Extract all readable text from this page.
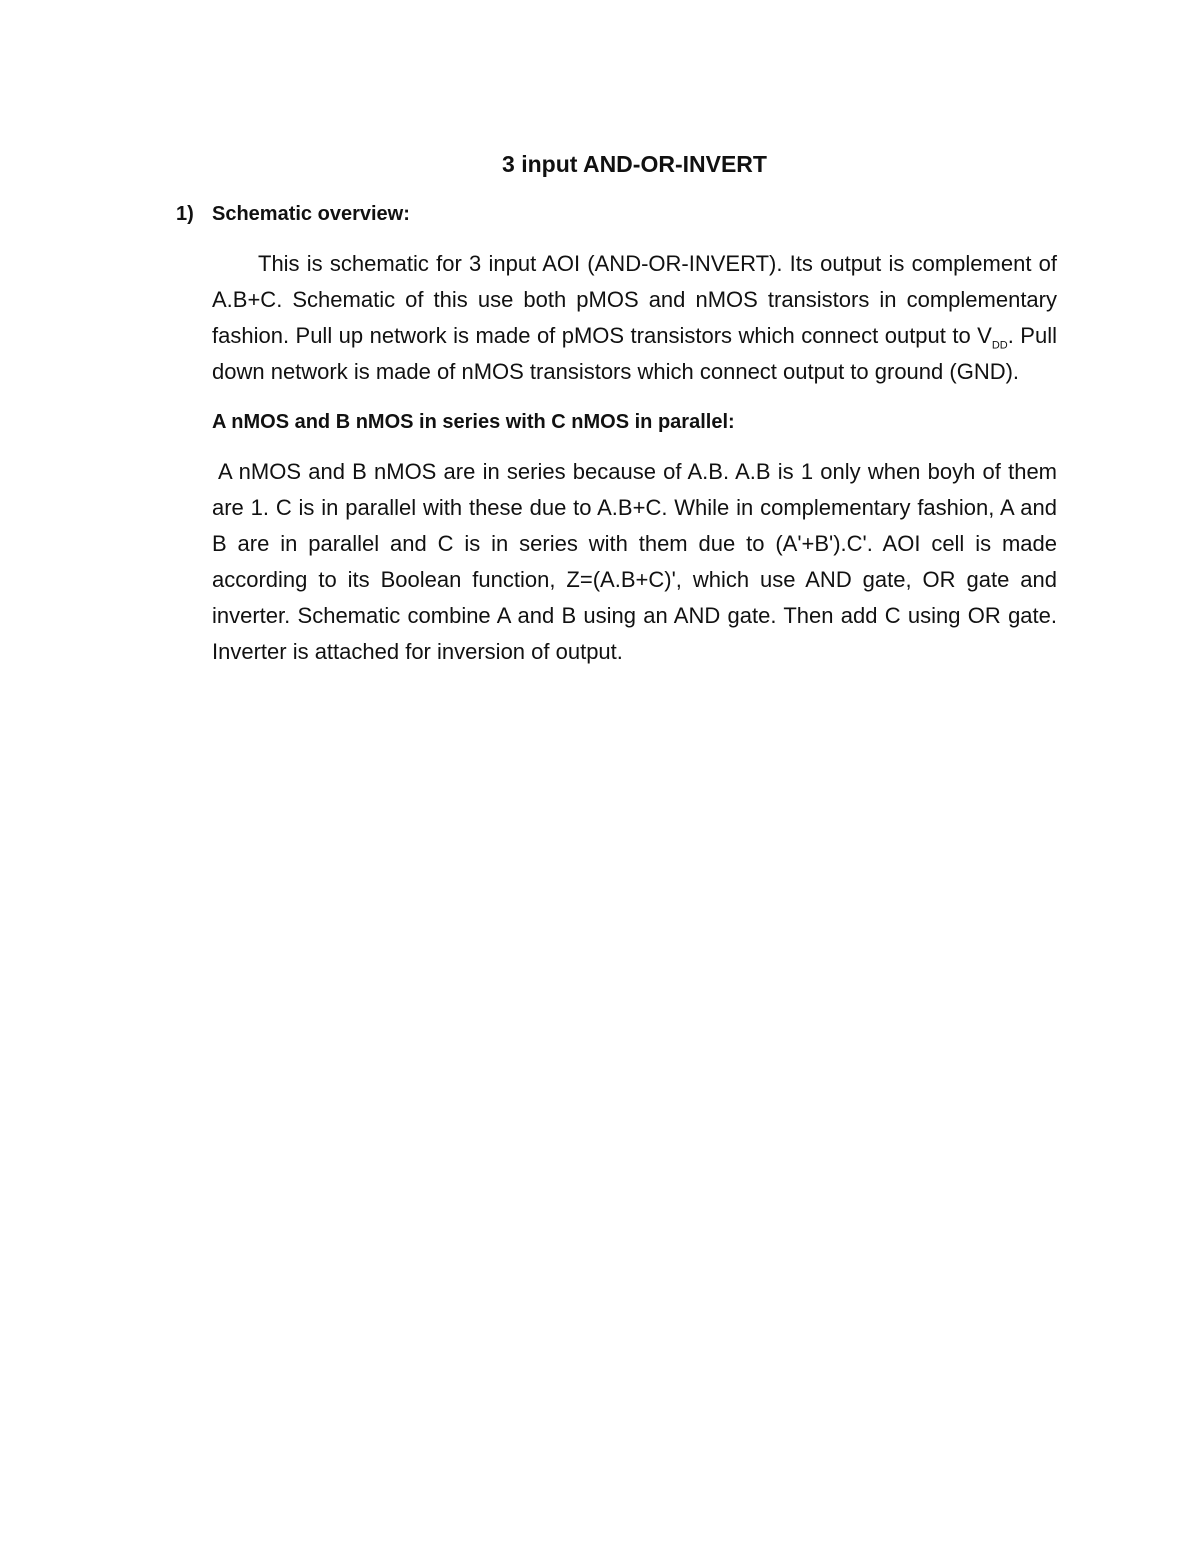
3 input AND-OR-INVERT
1) Schematic overview:

This is schematic for 3 input AOI (AND-OR-INVERT). Its output is complement of A.B+C. Schematic of this use both pMOS and nMOS transistors in complementary fashion. Pull up network is made of pMOS transistors which connect output to $V_{DD}$. Pull down network is made of nMOS transistors which connect output to ground (GND).

A nMOS and B nMOS in series with C nMOS in parallel:

A nMOS and B nMOS are in series because of A.B. A.B is 1 only when boyh of them are 1. C is in parallel with these due to A.B+C. While in complementary fashion, A and B are in parallel and C is in series with them due to (A'+B').C'. AOI cell is made according to its Boolean function, Z=(A.B+C)', which use AND gate, OR gate and inverter. Schematic combine A and B using an AND gate. Then add C using OR gate. Inverter is attached for inversion of output.
